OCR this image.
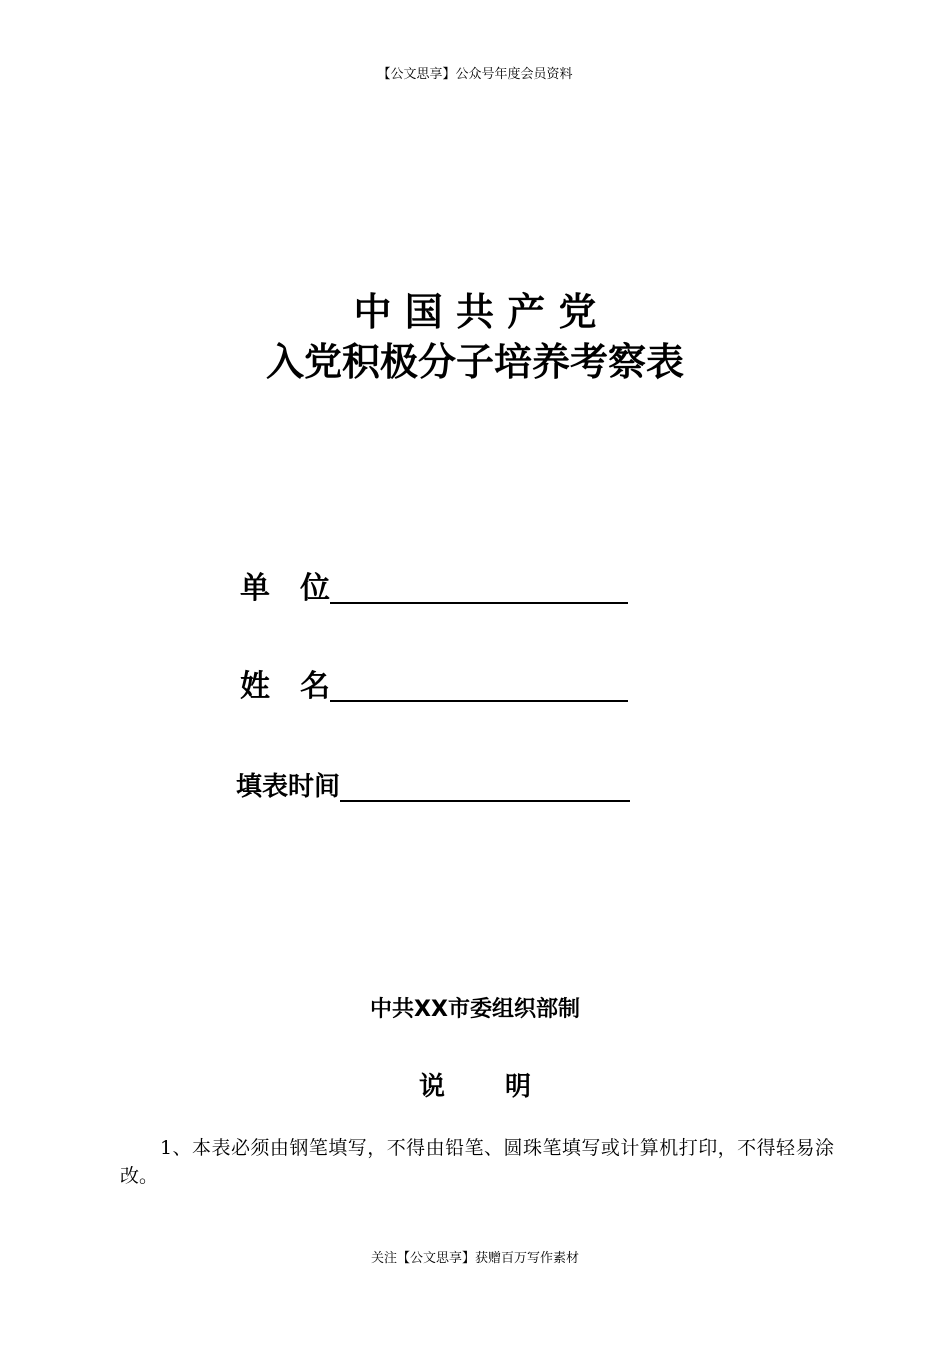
【公文思享】公众号年度会员资料
中 国 共 产 党
入党积极分子培养考察表
单　位
姓　名
填表时间
中共XX市委组织部制
说 明
1、本表必须由钢笔填写，不得由铅笔、圆珠笔填写或计算机打印，不得轻易涂改。
关注【公文思享】获赠百万写作素材
